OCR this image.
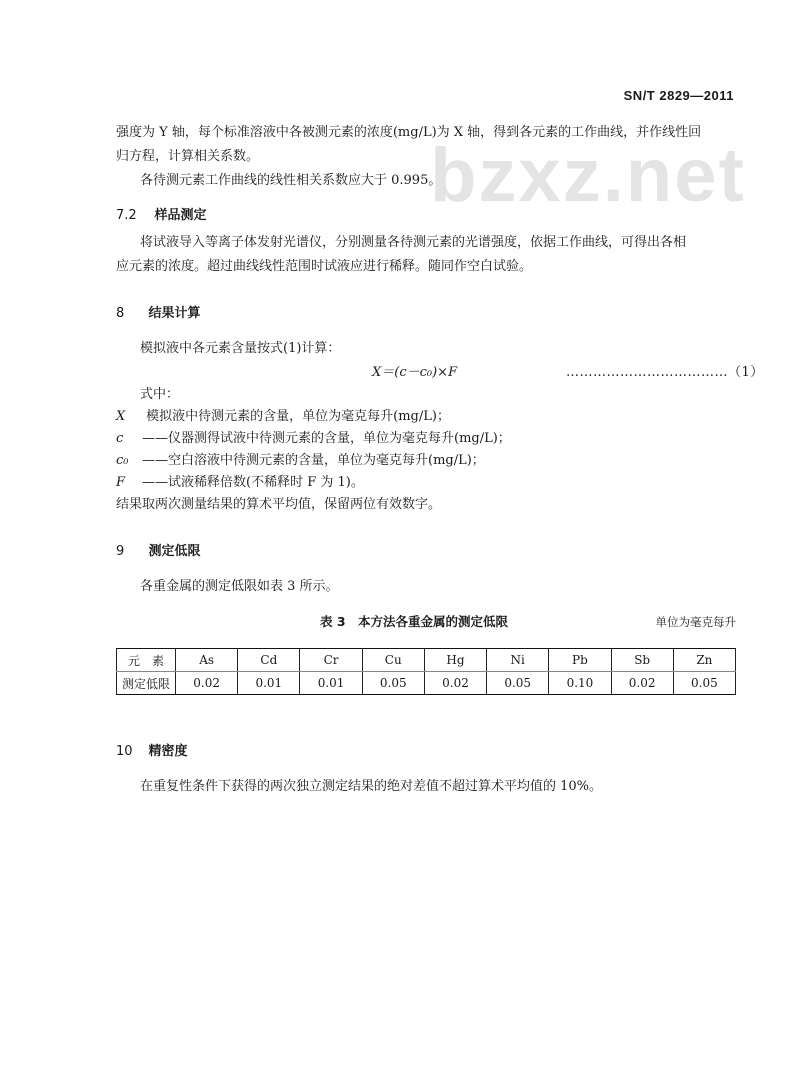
SN/T 2829—2011
bzxz.net
强度为 Y 轴，每个标准溶液中各被测元素的浓度(mg/L)为 X 轴，得到各元素的工作曲线，并作线性回
归方程，计算相关系数。
各待测元素工作曲线的线性相关系数应大于 0.995。
7.2 样品测定
将试液导入等离子体发射光谱仪，分别测量各待测元素的光谱强度，依据工作曲线，可得出各相
应元素的浓度。超过曲线线性范围时试液应进行稀释。随同作空白试验。
8 结果计算
模拟液中各元素含量按式(1)计算：
X＝(c－c₀)×F	………………………………（1）
式中：
X 模拟液中待测元素的含量，单位为毫克每升(mg/L)；
c ——仪器测得试液中待测元素的含量，单位为毫克每升(mg/L)；
c₀ ——空白溶液中待测元素的含量，单位为毫克每升(mg/L)；
F ——试液稀释倍数(不稀释时 F 为 1)。
结果取两次测量结果的算术平均值，保留两位有效数字。
9 测定低限
各重金属的测定低限如表 3 所示。
表 3　本方法各重金属的测定低限	单位为毫克每升
元　素	As	Cd	Cr	Cu	Hg	Ni	Pb	Sb	Zn
测定低限	0.02	0.01	0.01	0.05	0.02	0.05	0.10	0.02	0.05
10 精密度
在重复性条件下获得的两次独立测定结果的绝对差值不超过算术平均值的 10%。
